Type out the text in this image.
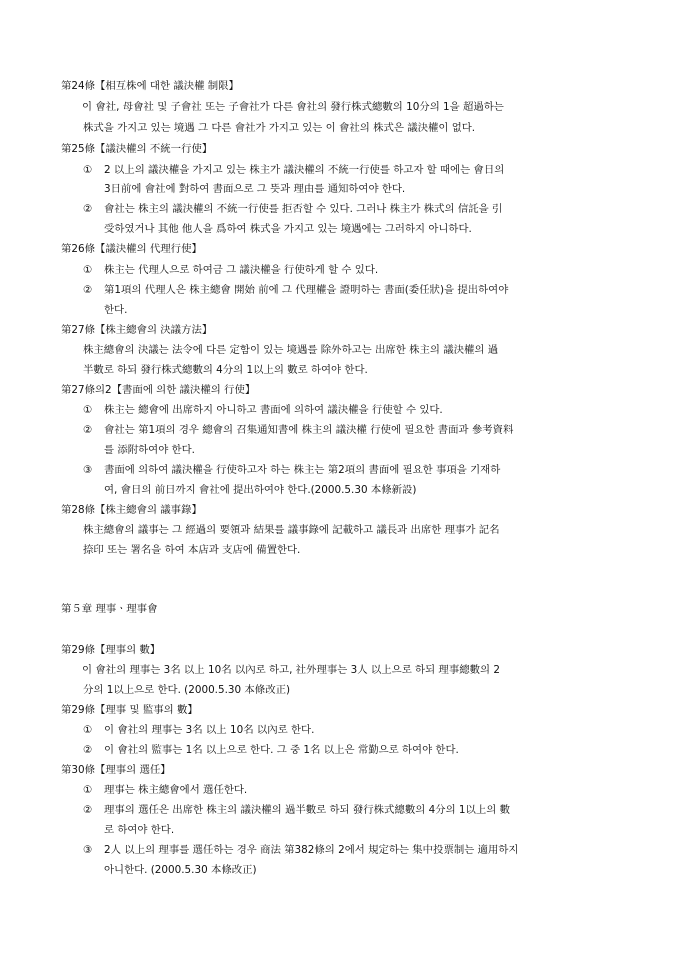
第24條【相互株에 대한 議決權 制限】
이 會社, 母會社 및 子會社 또는 子會社가 다른 會社의 發行株式總數의 10分의 1을 超過하는
株式을 가지고 있는 境遇 그 다른 會社가 가지고 있는 이 會社의 株式은 議決權이 없다.
第25條【議決權의 不統一行使】
① 2 以上의 議決權을 가지고 있는 株主가 議決權의 不統一行使를 하고자 할 때에는 會日의
3日前에 會社에 對하여 書面으로 그 뜻과 理由를 通知하여야 한다.
② 會社는 株主의 議決權의 不統一行使를 拒否할 수 있다. 그러나 株主가 株式의 信託을 引
受하였거나 其他 他人을 爲하여 株式을 가지고 있는 境遇에는 그러하지 아니하다.
第26條【議決權의 代理行使】
① 株主는 代理人으로 하여금 그 議決權을 行使하게 할 수 있다.
② 第1項의 代理人은 株主總會 開始 前에 그 代理權을 證明하는 書面(委任狀)을 提出하여야
한다.
第27條【株主總會의 決議方法】
株主總會의 決議는 法令에 다른 定함이 있는 境遇를 除外하고는 出席한 株主의 議決權의 過
半數로 하되 發行株式總數의 4分의 1以上의 數로 하여야 한다.
第27條의2【書面에 의한 議決權의 行使】
① 株主는 總會에 出席하지 아니하고 書面에 의하여 議決權을 行使할 수 있다.
② 會社는 第1項의 경우 總會의 召集通知書에 株主의 議決權 行使에 필요한 書面과 參考資料
를 添附하여야 한다.
③ 書面에 의하여 議決權을 行使하고자 하는 株主는 第2項의 書面에 필요한 事項을 기재하
여, 會日의 前日까지 會社에 提出하여야 한다.(2000.5.30 本條新設)
第28條【株主總會의 議事錄】
株主總會의 議事는 그 經過의 要領과 結果를 議事錄에 記載하고 議長과 出席한 理事가 記名
捺印 또는 署名을 하여 本店과 支店에 備置한다.
第５章 理事ㆍ理事會
第29條【理事의 數】
이 會社의 理事는 3名 以上 10名 以內로 하고, 社外理事는 3人 以上으로 하되 理事總數의 2
分의 1以上으로 한다. (2000.5.30 本條改正)
第29條【理事 및 監事의 數】
① 이 會社의 理事는 3名 以上 10名 以內로 한다.
② 이 會社의 監事는 1名 以上으로 한다. 그 중 1名 以上은 常勤으로 하여야 한다.
第30條【理事의 選任】
① 理事는 株主總會에서 選任한다.
② 理事의 選任은 出席한 株主의 議決權의 過半數로 하되 發行株式總數의 4分의 1以上의 數
로 하여야 한다.
③ 2人 以上의 理事를 選任하는 경우 商法 第382條의 2에서 規定하는 集中投票制는 適用하지
아니한다. (2000.5.30 本條改正)
